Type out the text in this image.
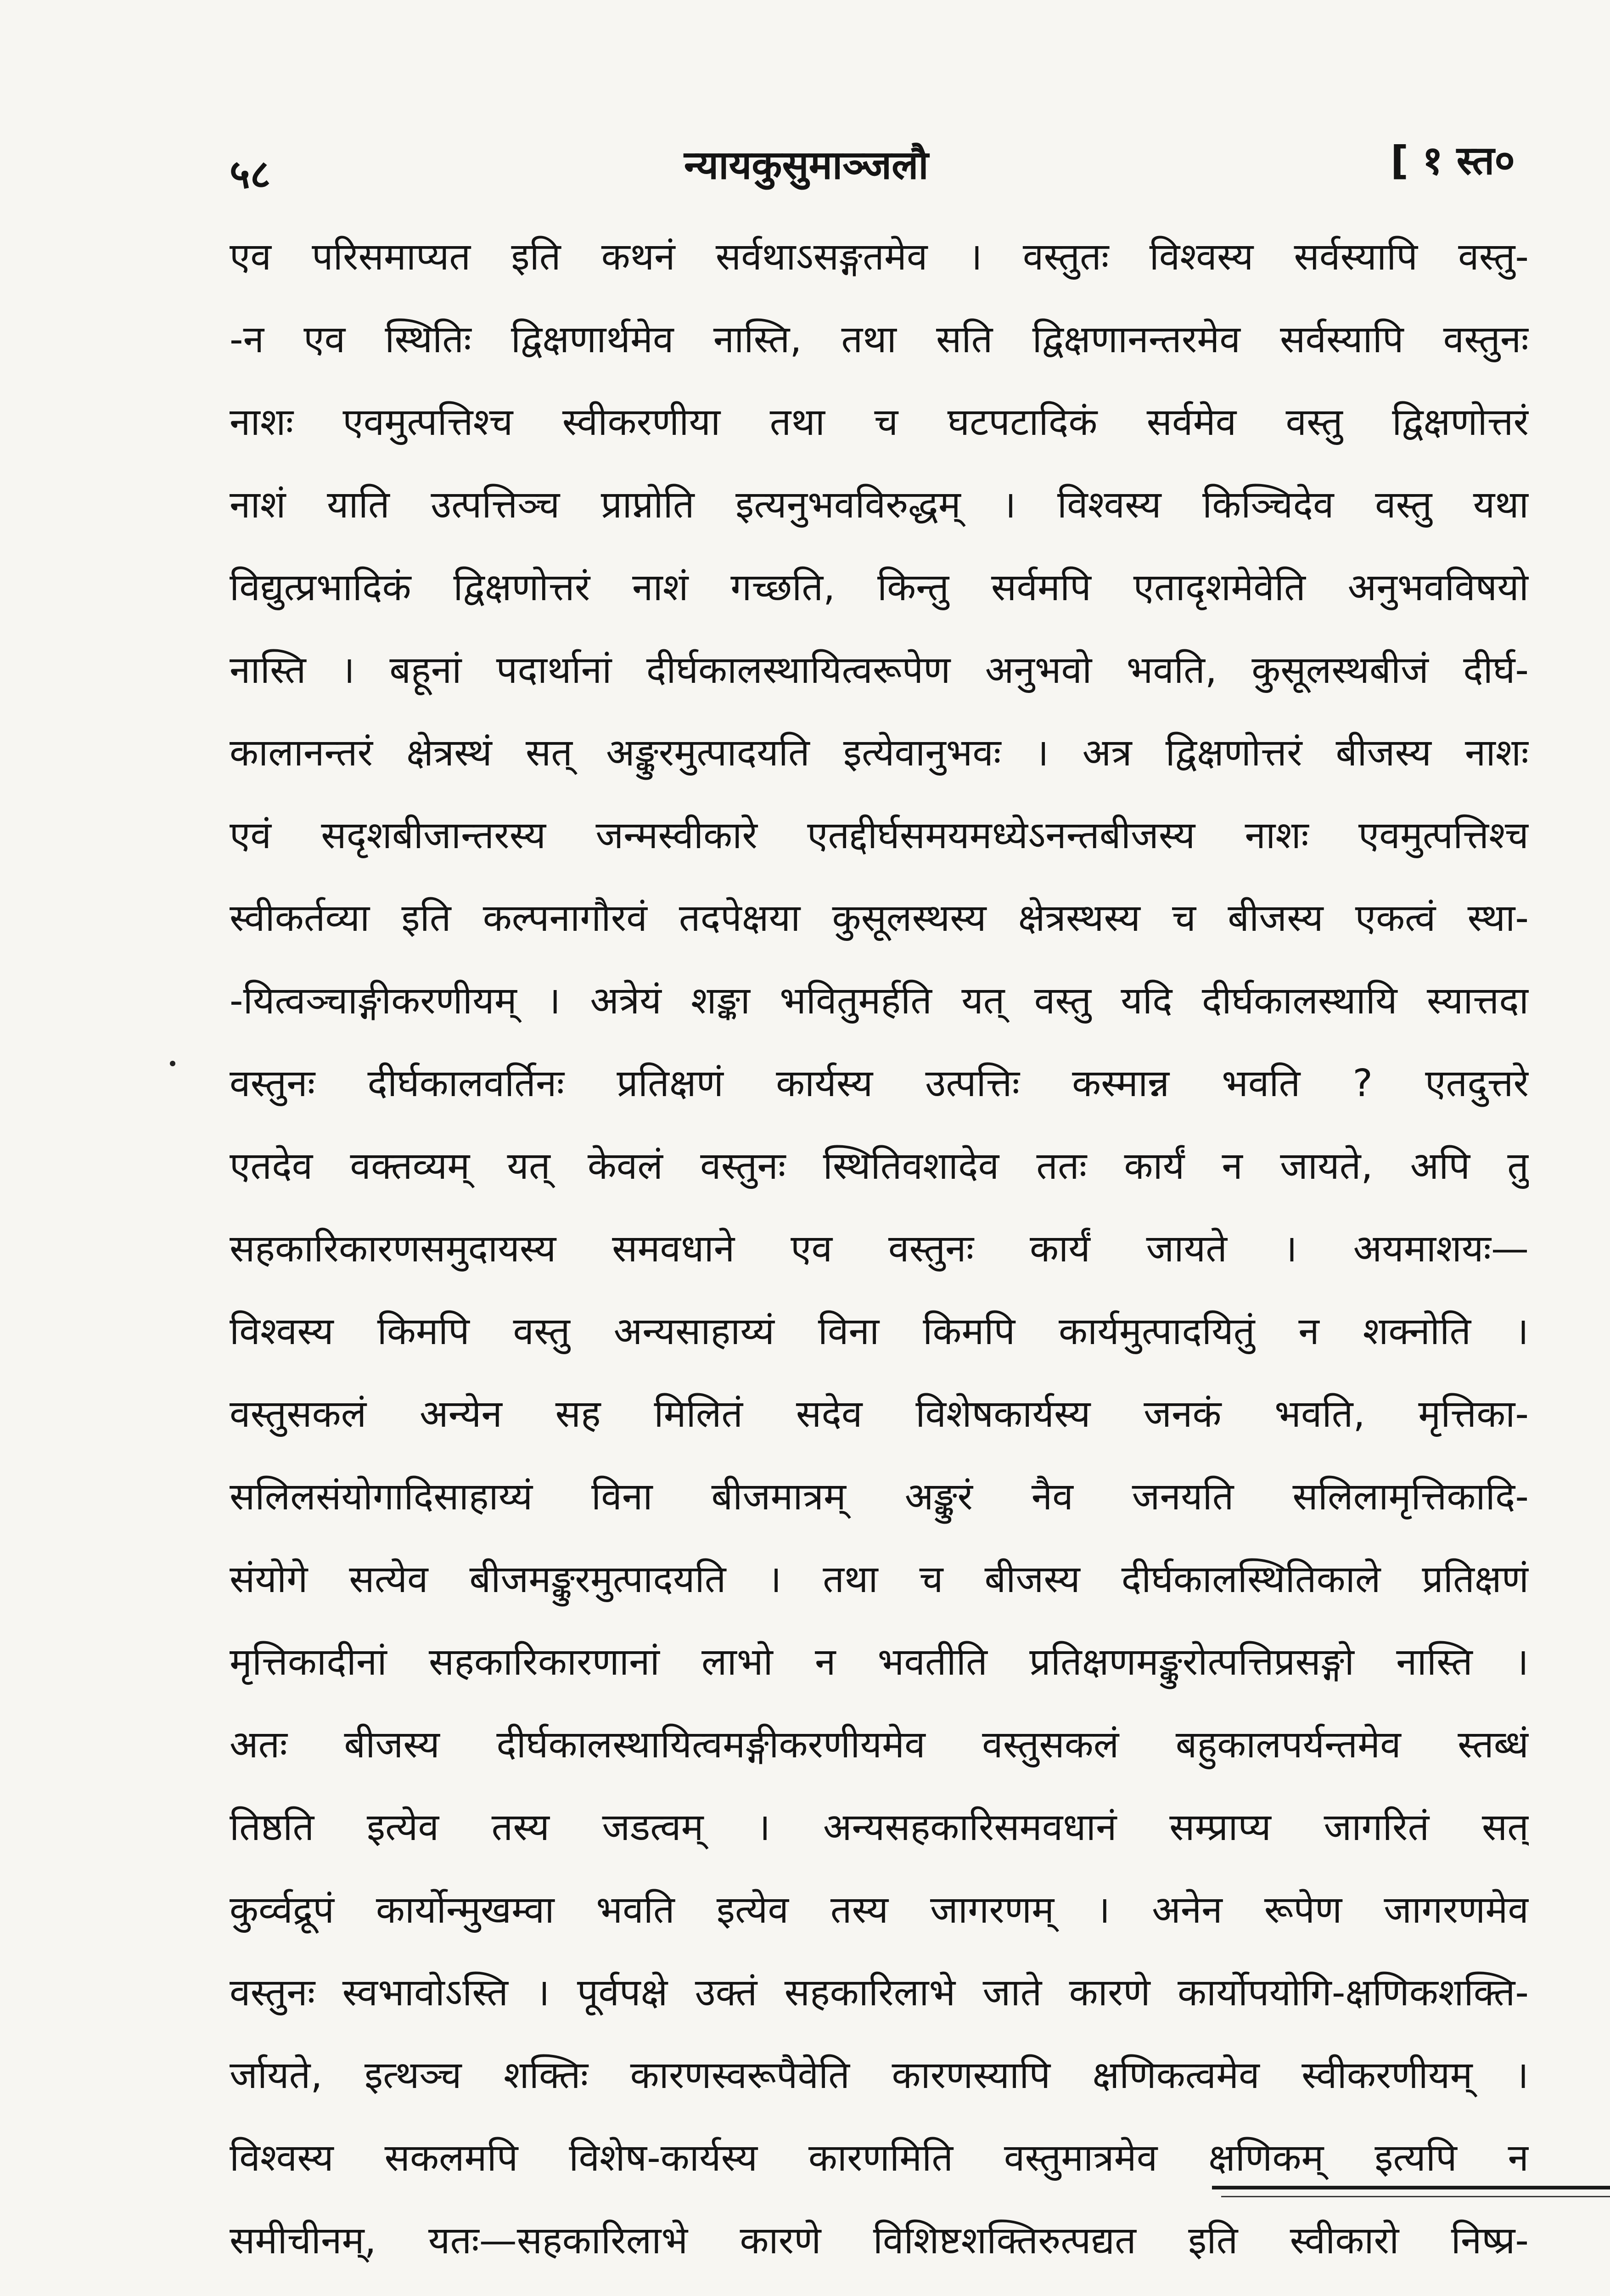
५८	न्यायकुसुमाञ्जलौ	[ १ स्त०
एव परिसमाप्यत इति कथनं सर्वथाऽसङ्गतमेव । वस्तुतः विश्वस्य सर्वस्यापि वस्तु-
-न एव स्थितिः द्विक्षणार्थमेव नास्ति, तथा सति द्विक्षणानन्तरमेव सर्वस्यापि वस्तुनः
नाशः एवमुत्पत्तिश्च स्वीकरणीया तथा च घटपटादिकं सर्वमेव वस्तु द्विक्षणोत्तरं
नाशं याति उत्पत्तिञ्च प्राप्नोति इत्यनुभवविरुद्धम् । विश्वस्य किञ्चिदेव वस्तु यथा
विद्युत्प्रभादिकं द्विक्षणोत्तरं नाशं गच्छति, किन्तु सर्वमपि एतादृशमेवेति अनुभवविषयो
नास्ति । बहूनां पदार्थानां दीर्घकालस्थायित्वरूपेण अनुभवो भवति, कुसूलस्थबीजं दीर्घ-
कालानन्तरं क्षेत्रस्थं सत् अङ्कुरमुत्पादयति इत्येवानुभवः । अत्र द्विक्षणोत्तरं बीजस्य नाशः
एवं सदृशबीजान्तरस्य जन्मस्वीकारे एतद्दीर्घसमयमध्येऽनन्तबीजस्य नाशः एवमुत्पत्तिश्च
स्वीकर्तव्या इति कल्पनागौरवं तदपेक्षया कुसूलस्थस्य क्षेत्रस्थस्य च बीजस्य एकत्वं स्था-
-यित्वञ्चाङ्गीकरणीयम् । अत्रेयं शङ्का भवितुमर्हति यत् वस्तु यदि दीर्घकालस्थायि स्यात्तदा
वस्तुनः दीर्घकालवर्तिनः प्रतिक्षणं कार्यस्य उत्पत्तिः कस्मान्न भवति ? एतदुत्तरे
एतदेव वक्तव्यम् यत् केवलं वस्तुनः स्थितिवशादेव ततः कार्यं न जायते, अपि तु
सहकारिकारणसमुदायस्य समवधाने एव वस्तुनः कार्यं जायते । अयमाशयः—
विश्वस्य किमपि वस्तु अन्यसाहाय्यं विना किमपि कार्यमुत्पादयितुं न शक्नोति ।
वस्तुसकलं अन्येन सह मिलितं सदेव विशेषकार्यस्य जनकं भवति, मृत्तिका-
सलिलसंयोगादिसाहाय्यं विना बीजमात्रम् अङ्कुरं नैव जनयति सलिलामृत्तिकादि-
संयोगे सत्येव बीजमङ्कुरमुत्पादयति । तथा च बीजस्य दीर्घकालस्थितिकाले प्रतिक्षणं
मृत्तिकादीनां सहकारिकारणानां लाभो न भवतीति प्रतिक्षणमङ्कुरोत्पत्तिप्रसङ्गो नास्ति ।
अतः बीजस्य दीर्घकालस्थायित्वमङ्गीकरणीयमेव वस्तुसकलं बहुकालपर्यन्तमेव स्तब्धं
तिष्ठति इत्येव तस्य जडत्वम् । अन्यसहकारिसमवधानं सम्प्राप्य जागरितं सत्
कुर्व्वद्रूपं कार्योन्मुखम्वा भवति इत्येव तस्य जागरणम् । अनेन रूपेण जागरणमेव
वस्तुनः स्वभावोऽस्ति । पूर्वपक्षे उक्तं सहकारिलाभे जाते कारणे कार्योपयोगि-क्षणिकशक्ति-
र्जायते, इत्थञ्च शक्तिः कारणस्वरूपैवेति कारणस्यापि क्षणिकत्वमेव स्वीकरणीयम् ।
विश्वस्य सकलमपि विशेष-कार्यस्य कारणमिति वस्तुमात्रमेव क्षणिकम् इत्यपि न
समीचीनम्, यतः—सहकारिलाभे कारणे विशिष्टशक्तिरुत्पद्यत इति स्वीकारो निष्प्र-
